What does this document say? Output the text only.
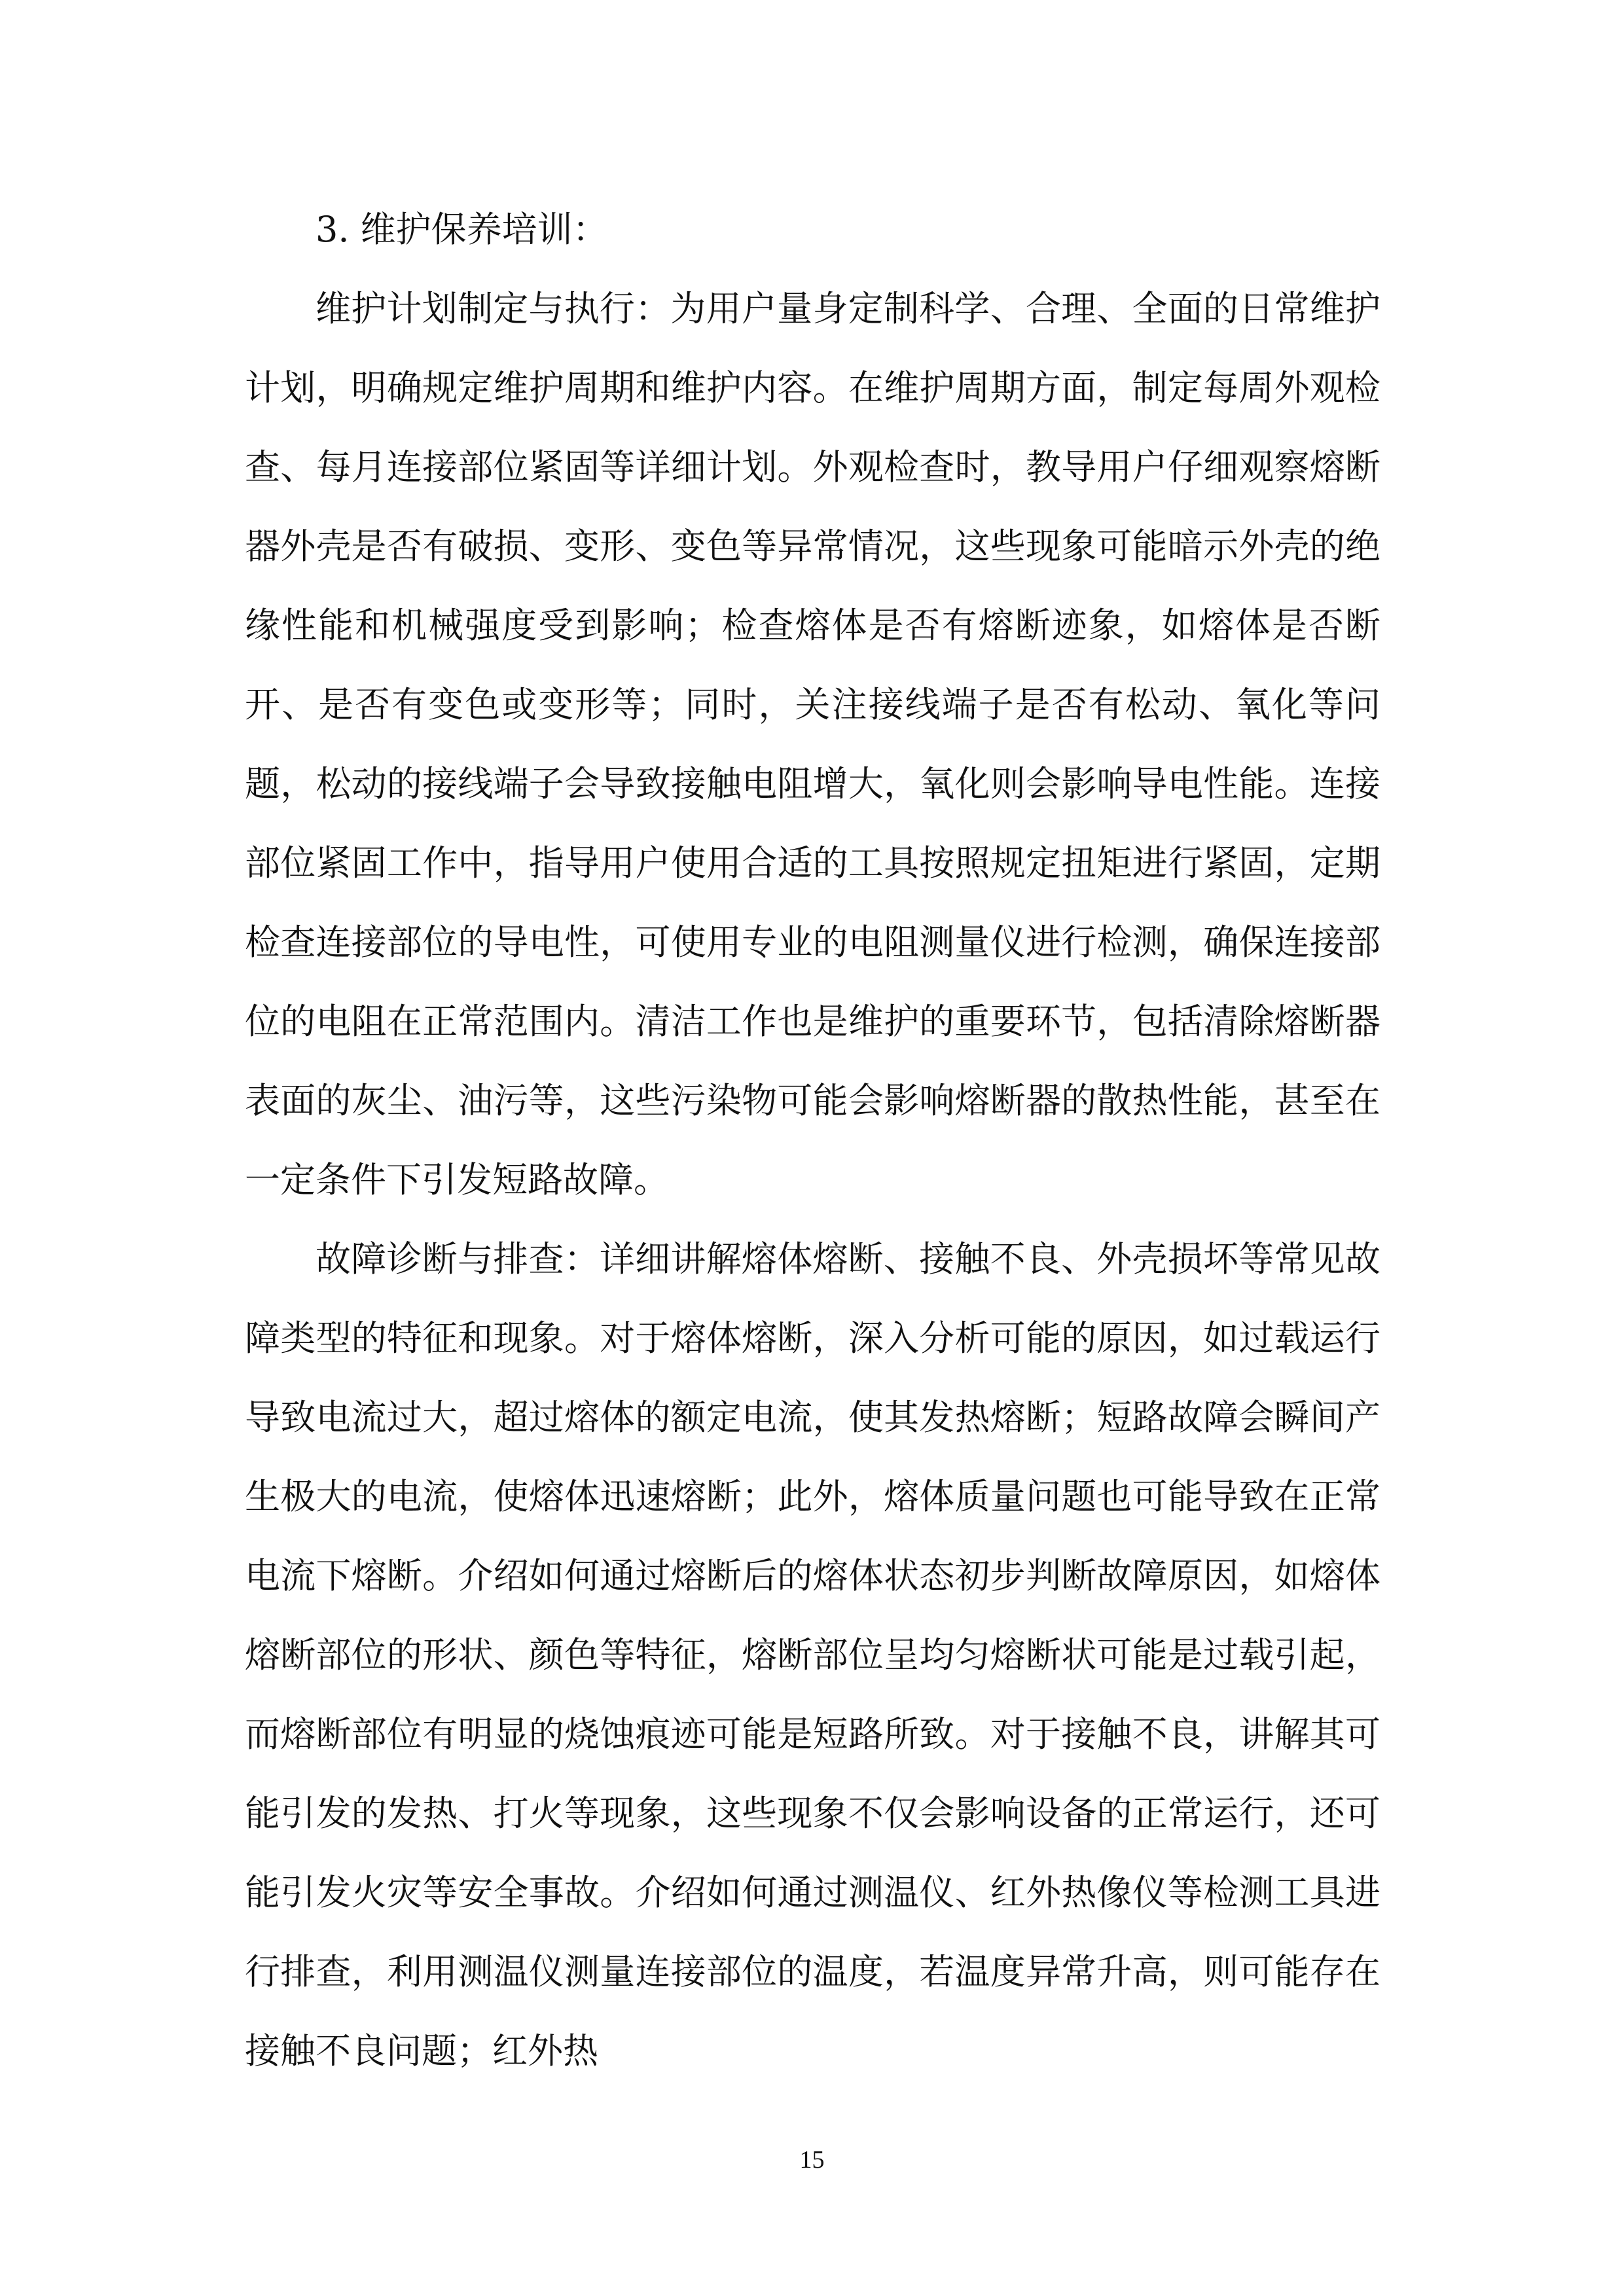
3. 维护保养培训：

维护计划制定与执行：为用户量身定制科学、合理、全面的日常维护计划，明确规定维护周期和维护内容。在维护周期方面，制定每周外观检查、每月连接部位紧固等详细计划。外观检查时，教导用户仔细观察熔断器外壳是否有破损、变形、变色等异常情况，这些现象可能暗示外壳的绝缘性能和机械强度受到影响；检查熔体是否有熔断迹象，如熔体是否断开、是否有变色或变形等；同时，关注接线端子是否有松动、氧化等问题，松动的接线端子会导致接触电阻增大，氧化则会影响导电性能。连接部位紧固工作中，指导用户使用合适的工具按照规定扭矩进行紧固，定期检查连接部位的导电性，可使用专业的电阻测量仪进行检测，确保连接部位的电阻在正常范围内。清洁工作也是维护的重要环节，包括清除熔断器表面的灰尘、油污等，这些污染物可能会影响熔断器的散热性能，甚至在一定条件下引发短路故障。

故障诊断与排查：详细讲解熔体熔断、接触不良、外壳损坏等常见故障类型的特征和现象。对于熔体熔断，深入分析可能的原因，如过载运行导致电流过大，超过熔体的额定电流，使其发热熔断；短路故障会瞬间产生极大的电流，使熔体迅速熔断；此外，熔体质量问题也可能导致在正常电流下熔断。介绍如何通过熔断后的熔体状态初步判断故障原因，如熔体熔断部位的形状、颜色等特征，熔断部位呈均匀熔断状可能是过载引起，而熔断部位有明显的烧蚀痕迹可能是短路所致。对于接触不良，讲解其可能引发的发热、打火等现象，这些现象不仅会影响设备的正常运行，还可能引发火灾等安全事故。介绍如何通过测温仪、红外热像仪等检测工具进行排查，利用测温仪测量连接部位的温度，若温度异常升高，则可能存在接触不良问题；红外热

15
